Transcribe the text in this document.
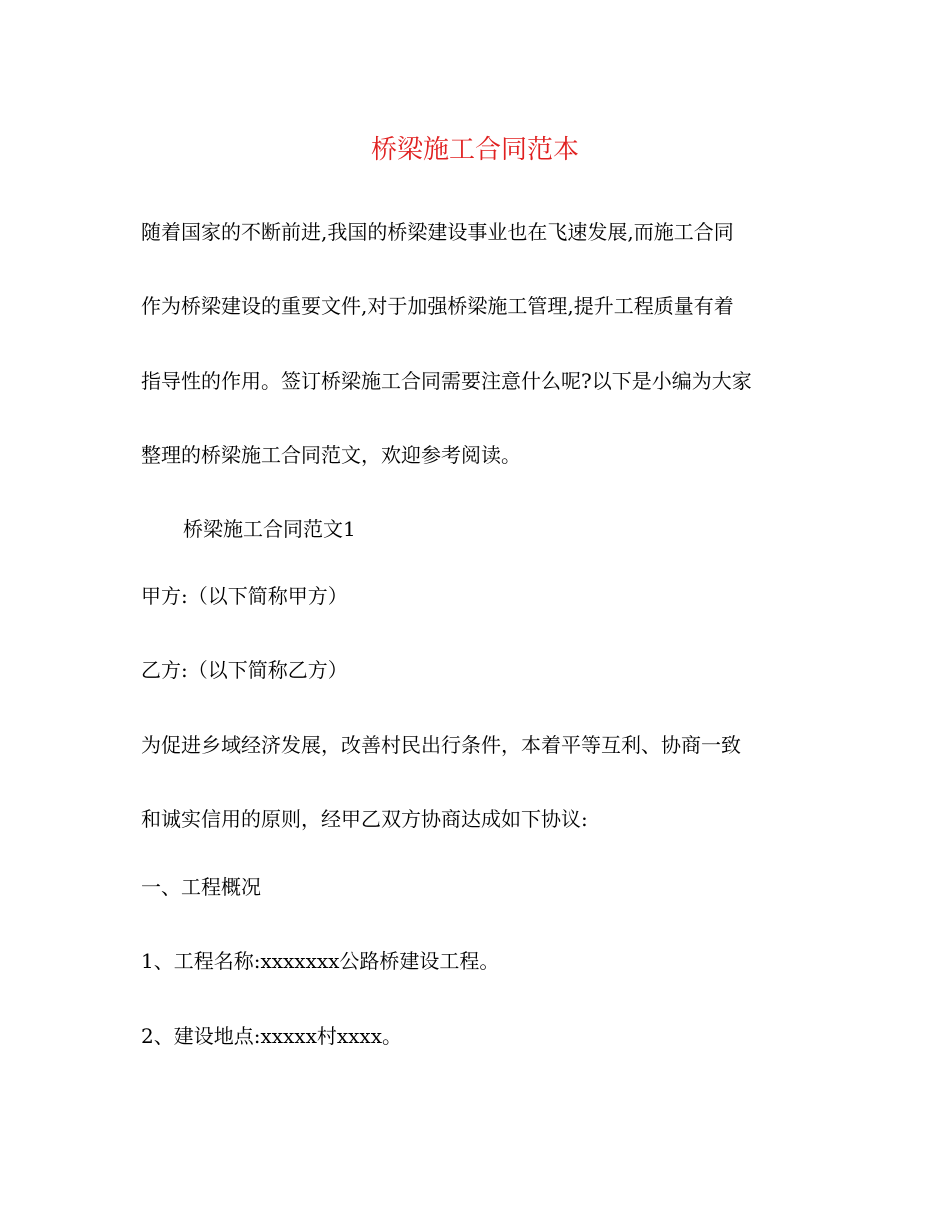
桥梁施工合同范本

随着国家的不断前进,我国的桥梁建设事业也在飞速发展,而施工合同

作为桥梁建设的重要文件,对于加强桥梁施工管理,提升工程质量有着

指导性的作用。签订桥梁施工合同需要注意什么呢?以下是小编为大家

整理的桥梁施工合同范文，欢迎参考阅读。

桥梁施工合同范文1

甲方:（以下简称甲方）

乙方:（以下简称乙方）

为促进乡域经济发展，改善村民出行条件，本着平等互利、协商一致

和诚实信用的原则，经甲乙双方协商达成如下协议:

一、工程概况

1、工程名称:xxxxxxx公路桥建设工程。

2、建设地点:xxxxx村xxxx。
